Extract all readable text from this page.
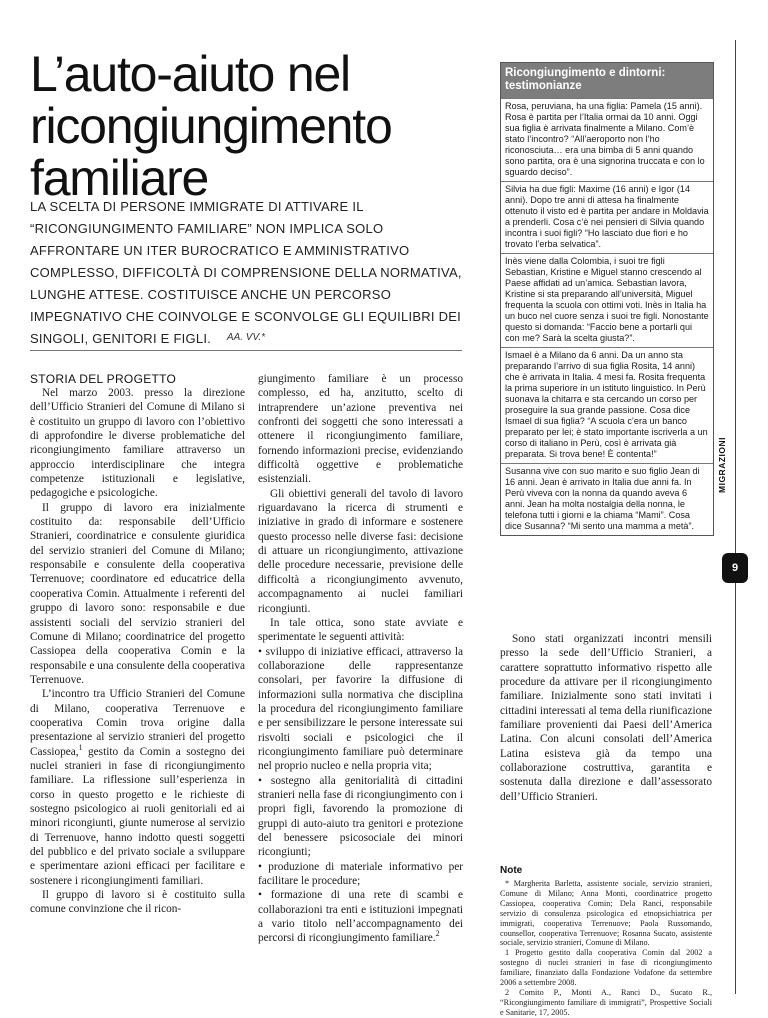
L’auto-aiuto nel ricongiungimento familiare

LA SCELTA DI PERSONE IMMIGRATE DI ATTIVARE IL “RICONGIUNGIMENTO FAMILIARE” NON IMPLICA SOLO AFFRONTARE UN ITER BUROCRATICO E AMMINISTRATIVO COMPLESSO, DIFFICOLTÀ DI COMPRENSIONE DELLA NORMATIVA, LUNGHE ATTESE. COSTITUISCE ANCHE UN PERCORSO IMPEGNATIVO CHE COINVOLGE E SCONVOLGE GLI EQUILIBRI DEI SINGOLI, GENITORI E FIGLI.	AA. VV.*
STORIA DEL PROGETTO

Nel marzo 2003. presso la direzione dell’Ufficio Stranieri del Comune di Milano si è costituito un gruppo di lavoro con l’obiettivo di approfondire le diverse problematiche del ricongiungimento familiare attraverso un approccio interdisciplinare che integra competenze istituzionali e legislative, pedagogiche e psicologiche.

Il gruppo di lavoro era inizialmente costituito da: responsabile dell’Ufficio Stranieri, coordinatrice e consulente giuridica del servizio stranieri del Comune di Milano; responsabile e consulente della cooperativa Terrenuove; coordinatore ed educatrice della cooperativa Comin. Attualmente i referenti del gruppo di lavoro sono: responsabile e due assistenti sociali del servizio stranieri del Comune di Milano; coordinatrice del progetto Cassiopea della cooperativa Comin e la responsabile e una consulente della cooperativa Terrenuove.

L’incontro tra Ufficio Stranieri del Comune di Milano, cooperativa Terrenuove e cooperativa Comin trova origine dalla presentazione al servizio stranieri del progetto Cassiopea,$^1$ gestito da Comin a sostegno dei nuclei stranieri in fase di ricongiungimento familiare. La riflessione sull’esperienza in corso in questo progetto e le richieste di sostegno psicologico ai ruoli genitoriali ed ai minori ricongiunti, giunte numerose al servizio di Terrenuove, hanno indotto questi soggetti del pubblico e del privato sociale a sviluppare e sperimentare azioni efficaci per facilitare e sostenere i ricongiungimenti familiari.

Il gruppo di lavoro si è costituito sulla comune convinzione che il ricon-

giungimento familiare è un processo complesso, ed ha, anzitutto, scelto di intraprendere un’azione preventiva nei confronti dei soggetti che sono interessati a ottenere il ricongiungimento familiare, fornendo informazioni precise, evidenziando difficoltà oggettive e problematiche esistenziali.

Gli obiettivi generali del tavolo di lavoro riguardavano la ricerca di strumenti e iniziative in grado di informare e sostenere questo processo nelle diverse fasi: decisione di attuare un ricongiungimento, attivazione delle procedure necessarie, previsione delle difficoltà a ricongiungimento avvenuto, accompagnamento ai nuclei familiari ricongiunti.

In tale ottica, sono state avviate e sperimentate le seguenti attività:

• sviluppo di iniziative efficaci, attraverso la collaborazione delle rappresentanze consolari, per favorire la diffusione di informazioni sulla normativa che disciplina la procedura del ricongiungimento familiare e per sensibilizzare le persone interessate sui risvolti sociali e psicologici che il ricongiungimento familiare può determinare nel proprio nucleo e nella propria vita;

• sostegno alla genitorialità di cittadini stranieri nella fase di ricongiungimento con i propri figli, favorendo la promozione di gruppi di auto-aiuto tra genitori e protezione del benessere psicosociale dei minori ricongiunti;

• produzione di materiale informativo per facilitare le procedure;

• formazione di una rete di scambi e collaborazioni tra enti e istituzioni impegnati a vario titolo nell’accompagnamento dei percorsi di ricongiungimento familiare.$^2$

Ricongiungimento e dintorni: testimonianze

Rosa, peruviana, ha una figlia: Pamela (15 anni). Rosa è partita per l’Italia ormai da 10 anni. Oggi sua figlia è arrivata finalmente a Milano. Com’è stato l’incontro? “All’aeroporto non l’ho riconosciuta… era una bimba di 5 anni quando sono partita, ora è una signorina truccata e con lo sguardo deciso”.

Silvia ha due figli: Maxime (16 anni) e Igor (14 anni). Dopo tre anni di attesa ha finalmente ottenuto il visto ed è partita per andare in Moldavia a prenderli. Cosa c’è nei pensieri di Silvia quando incontra i suoi figli? “Ho lasciato due fiori e ho trovato l’erba selvatica”.

Inès viene dalla Colombia, i suoi tre figli Sebastian, Kristine e Miguel stanno crescendo al Paese affidati ad un’amica. Sebastian lavora, Kristine si sta preparando all’università, Miguel frequenta la scuola con ottimi voti. Inès in Italia ha un buco nel cuore senza i suoi tre figli. Nonostante questo si domanda: “Faccio bene a portarli qui con me? Sarà la scelta giusta?”.

Ismael è a Milano da 6 anni. Da un anno sta preparando l’arrivo di sua figlia Rosita, 14 anni) che è arrivata in Italia. 4 mesi fa. Rosita frequenta la prima superiore in un istituto linguistico. In Perù suonava la chitarra e sta cercando un corso per proseguire la sua grande passione. Cosa dice Ismael di sua figlia? “A scuola c’era un banco preparato per lei; è stato importante iscriverla a un corso di italiano in Perù, così è arrivata già preparata. Si trova bene! È contenta!”

Susanna vive con suo marito e suo figlio Jean di 16 anni. Jean è arrivato in Italia due anni fa. In Perù viveva con la nonna da quando aveva 6 anni. Jean ha molta nostalgia della nonna, le telefona tutti i giorni e la chiama “Mami”. Cosa dice Susanna? “Mi sento una mamma a metà”.

Sono stati organizzati incontri mensili presso la sede dell’Ufficio Stranieri, a carattere soprattutto informativo rispetto alle procedure da attivare per il ricongiungimento familiare. Inizialmente sono stati invitati i cittadini interessati al tema della riunificazione familiare provenienti dai Paesi dell’America Latina. Con alcuni consolati dell’America Latina esisteva già da tempo una collaborazione costruttiva, garantita e sostenuta dalla direzione e dall’assessorato dell’Ufficio Stranieri.

Note

* Margherita Barletta, assistente sociale, servizio stranieri, Comune di Milano; Anna Monti, coordinatrice progetto Cassiopea, cooperativa Comin; Dela Ranci, responsabile servizio di consulenza psicologica ed etnopsichiatrica per immigrati, cooperativa Terrenuove; Paola Russomando, counsellor, cooperativa Terrenuove; Rosanna Sucato, assistente sociale, servizio stranieri, Comune di Milano.

1 Progetto gestito dalla cooperativa Comin dal 2002 a sostegno di nuclei stranieri in fase di ricongiungimento familiare, finanziato dalla Fondazione Vodafone da settembre 2006 a settembre 2008.

2 Comito P., Monti A., Ranci D., Sucato R., “Ricongiungimento familiare di immigrati”, Prospettive Sociali e Sanitarie, 17, 2005.

MIGRAZIONI
9
